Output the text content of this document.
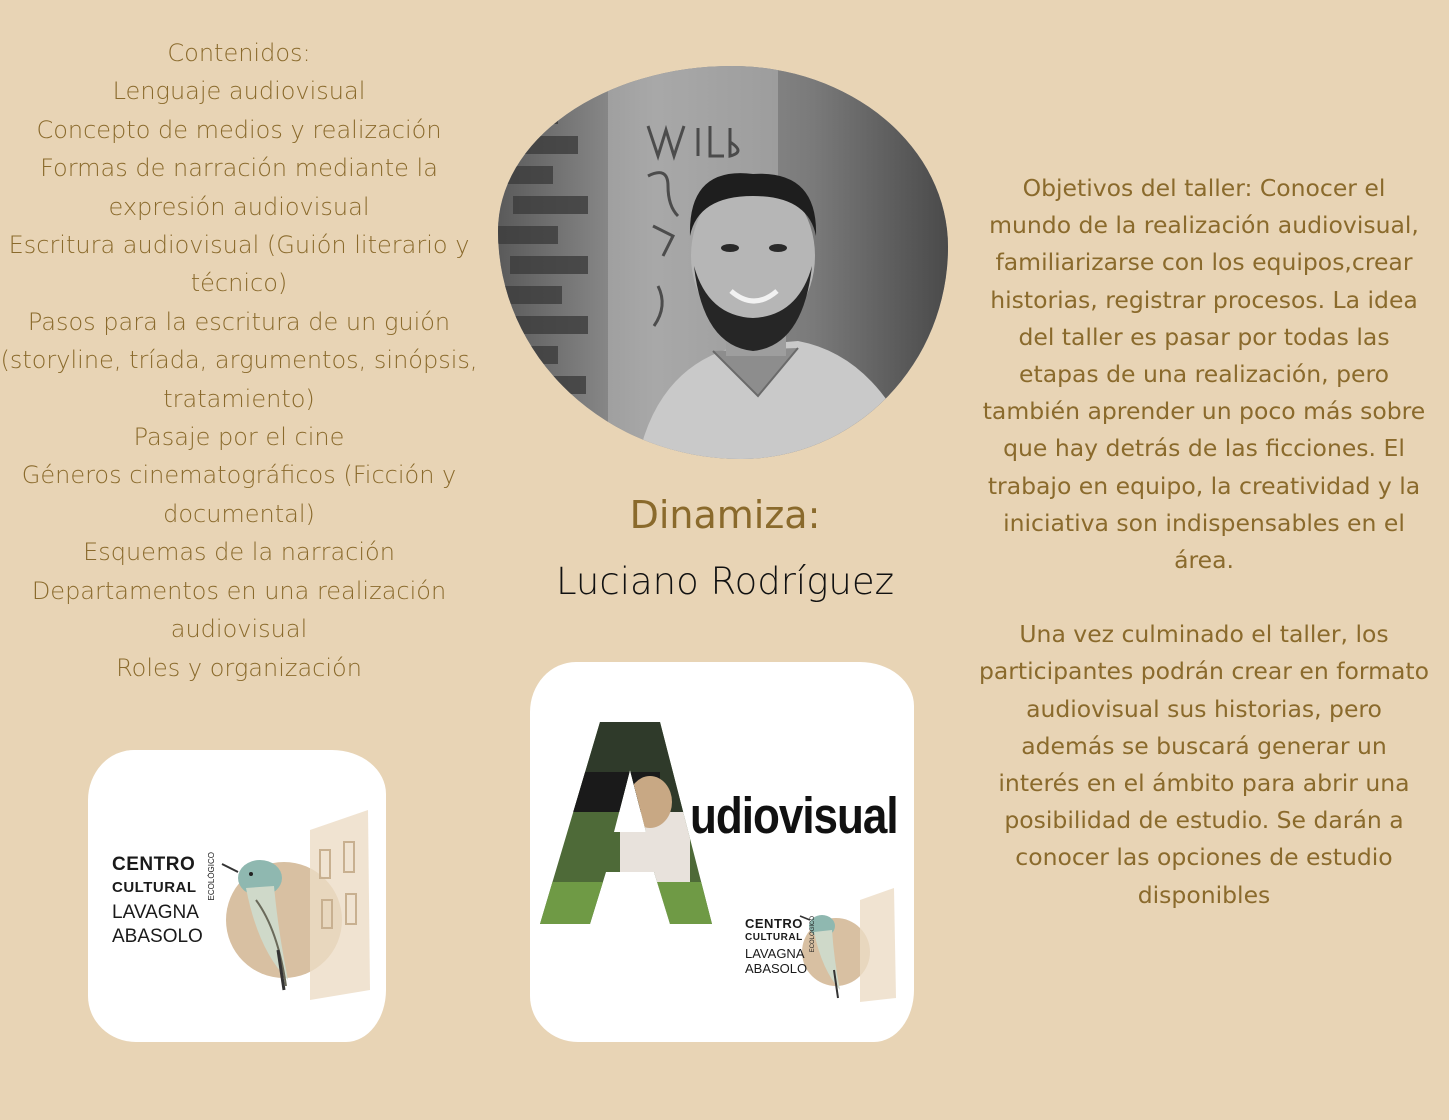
Contenidos:
Lenguaje audiovisual
Concepto de medios y realización
Formas de narración mediante la
expresión audiovisual
Escritura audiovisual (Guión literario y
técnico)
Pasos para la escritura de un guión
(storyline, tríada, argumentos, sinópsis,
tratamiento)
Pasaje por el cine
Géneros cinematográficos (Ficción y
documental)
Esquemas de la narración
Departamentos en una realización
audiovisual
Roles y organización
Dinamiza:
Luciano Rodríguez

Objetivos del taller: Conocer el mundo de la realización audiovisual, familiarizarse con los equipos,crear historias, registrar procesos. La idea del taller es pasar por todas las etapas de una realización, pero también aprender un poco más sobre que hay detrás de las ficciones. El trabajo en equipo, la creatividad y la iniciativa son indispensables en el área.

Una vez culminado el taller, los participantes podrán crear en formato audiovisual sus historias, pero además se buscará generar un interés en el ámbito para abrir una posibilidad de estudio. Se darán a conocer las opciones de estudio disponibles

CENTRO
CULTURAL ECOLÓGICO
LAVAGNA
ABASOLO
udiovisual
CENTRO
CULTURAL ECOLÓGICO
LAVAGNA
ABASOLO
